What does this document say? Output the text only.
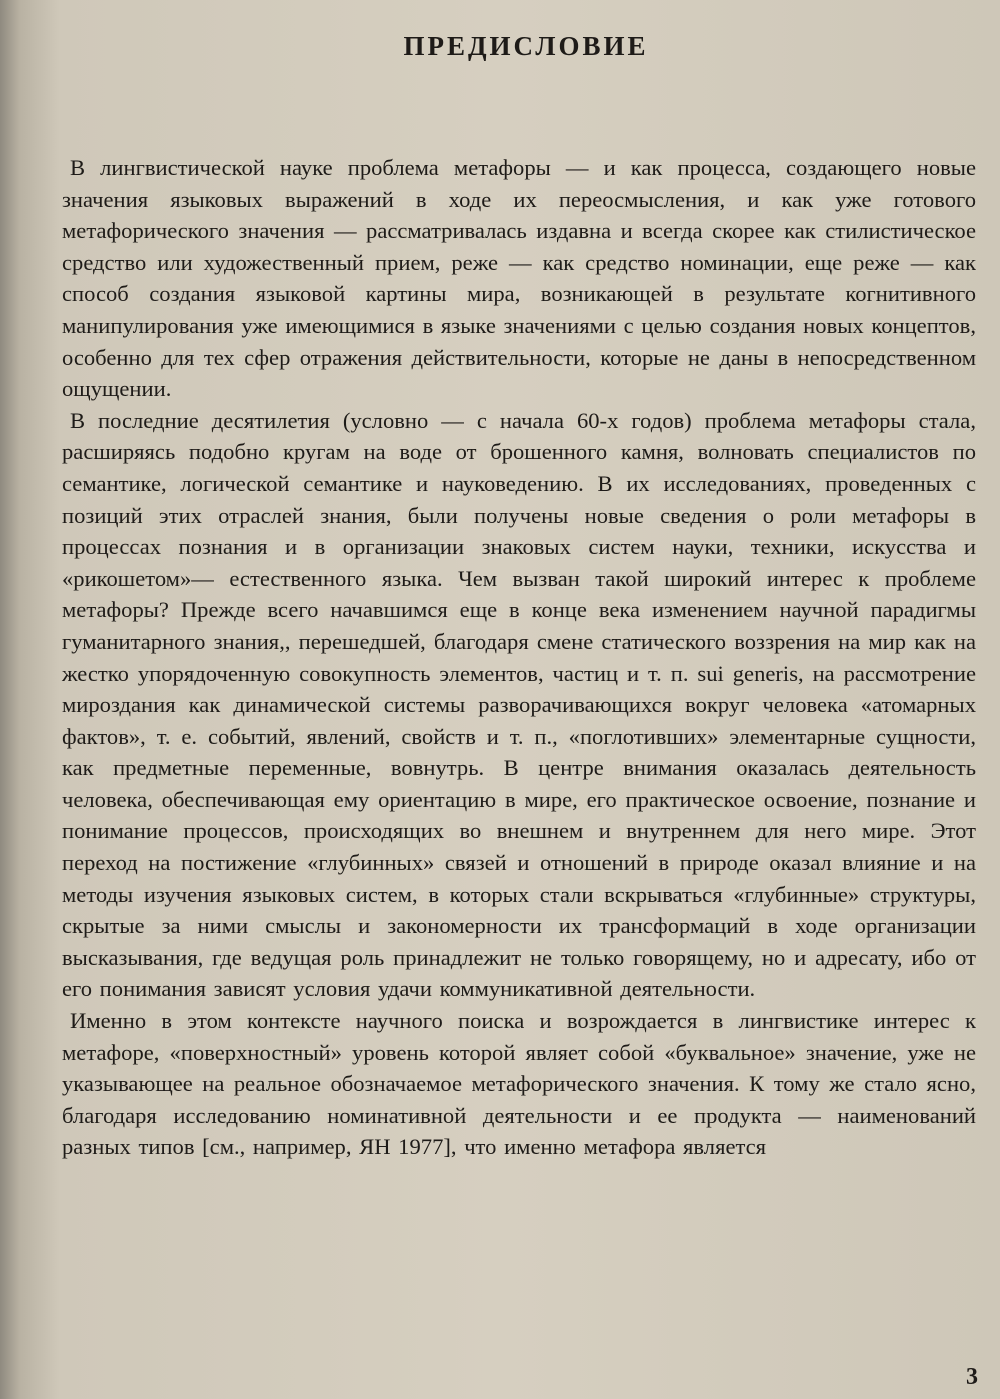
ПРЕДИСЛОВИЕ

В лингвистической науке проблема метафоры — и как процесса, создающего новые значения языковых выражений в ходе их переосмысления, и как уже готового метафорического значения — рассматривалась издавна и всегда скорее как стилистическое средство или художественный прием, реже — как средство номинации, еще реже — как способ создания языковой картины мира, возникающей в результате когнитивного манипулирования уже имеющимися в языке значениями с целью создания новых концептов, особенно для тех сфер отражения действительности, которые не даны в непосредственном ощущении.

В последние десятилетия (условно — с начала 60-х годов) проблема метафоры стала, расширяясь подобно кругам на воде от брошенного камня, волновать специалистов по семантике, логической семантике и науковедению. В их исследованиях, проведенных с позиций этих отраслей знания, были получены новые сведения о роли метафоры в процессах познания и в организации знаковых систем науки, техники, искусства и «рикошетом»— естественного языка. Чем вызван такой широкий интерес к проблеме метафоры? Прежде всего начавшимся еще в конце века изменением научной парадигмы гуманитарного знания,, перешедшей, благодаря смене статического воззрения на мир как на жестко упорядоченную совокупность элементов, частиц и т. п. sui generis, на рассмотрение мироздания как динамической системы разворачивающихся вокруг человека «атомарных фактов», т. е. событий, явлений, свойств и т. п., «поглотивших» элементарные сущности, как предметные переменные, вовнутрь. В центре внимания оказалась деятельность человека, обеспечивающая ему ориентацию в мире, его практическое освоение, познание и понимание процессов, происходящих во внешнем и внутреннем для него мире. Этот переход на постижение «глубинных» связей и отношений в природе оказал влияние и на методы изучения языковых систем, в которых стали вскрываться «глубинные» структуры, скрытые за ними смыслы и закономерности их трансформаций в ходе организации высказывания, где ведущая роль принадлежит не только говорящему, но и адресату, ибо от его понимания зависят условия удачи коммуникативной деятельности.

Именно в этом контексте научного поиска и возрождается в лингвистике интерес к метафоре, «поверхностный» уровень которой являет собой «буквальное» значение, уже не указывающее на реальное обозначаемое метафорического значения. К тому же стало ясно, благодаря исследованию номинативной деятельности и ее продукта — наименований разных типов [см., например, ЯН 1977], что именно метафора является

3
